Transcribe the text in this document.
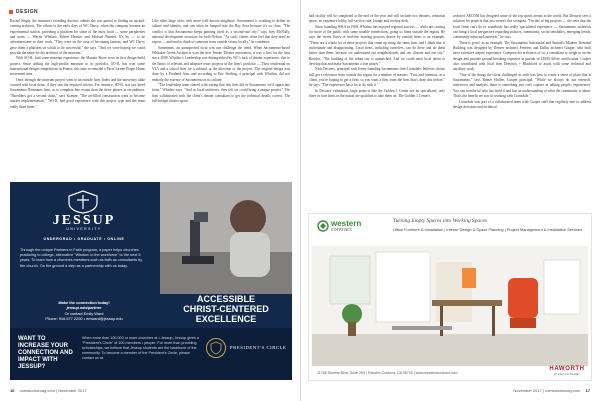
DESIGN

Rachel Single, the museum's founding director, admits she was partial to finding an up-and-coming architect. The efforts to the early days of WC Darcy, when the company became an experimental station, providing a platform for some of the most local — some peripheries and notes — Wayne Whitlaw, Robert Heaster and Michael Burnett. It's by — to be adventuresome in their work. "They were on the cusp of becoming famous, and WC Darcy gave them a platform on which to be successful," she says. "And we were hoping we could provide the same for the architect of the museum."

With SO-IL, had some museum experience, the Manetti Shore were its first design-build project. Since adding the high-profile museum to its portfolio, SO-IL has won some international design competitions in France, this time to remodel a Paris' former Piaget Home movement area.

Once through the museum project went to an outside firm. Index and the university alike crossed with local firms, if they saw the required criteria. For instance, SO-IL was just hired Sacramento Remnants firm, as to complete late rooms than the three phases in recombines. "Shredders got a second shout," says Kramer. "The art-filled construction went to become market implementation." "SO-IL had good experience with this project type and the team really liked them."

Like other large cities with more well-known neighbors, Sacramento is working to define its culture and identity, and can often be lumped into the Bay Area because it's so close. "The conflict is that Sacramento keeps painting itself as a second-rate city," says Joey McNally, national development associate for both Nelson. "As such, clients often feel that they need an expert — and tend to think of someone from outside versus locally," he continues.

Sometimes, an unsuspected local win can challenge the trend. When Sacramento-based Whitaker Green Architects won the new Senate Theatre renovation, it was a first for the firm since 2009. Whitlaw's Leadership was distinguished by WC's lack of theater experience, due to the limits of relevant and adaptive reuse projects in the firm's portfolio — Their residential on VL's and a school firm for a cultural, at the direction of the project. The original design was done by a Portland firm, and according to Eric Sterling, a principal with Whitlaw, did not embody the essence of Sacramento or its culture.

"The leadership team started with saying that this firm did in Sacramento we'd appreciate from," Whitlaw says. "And as local architects, they felt we could bring a unique project." The firm collaborated with the client's theater consultant to get the technical details correct. The full-bridget theater space

JESSUP
UNIVERSITY
UNDERGRAD • GRADUATE • ONLINE
Through the unique Partners in Faith program, a paper helps churches practicing to college, alternative "Wisdom in the workforce" to the next 5 years. To learn how a churches members such as faith as consultants by the church. On the ground a step as a partnership with us today.
Make the connection today!
jessup.edu/partner
Or contact Emily Ward
Phone: 916.577.2200 • emward@jessup.edu
ACCESSIBLE
CHRIST-CENTERED
EXCELLENCE
WANT TO INCREASE YOUR CONNECTION AND IMPACT WITH JESSUP?
When more than 100,000 or more churches at • Jessup, Jessup gives a "President's Circle" of 100 members • people. For more than providing scholarships, we believe that Jessup students are the backbone of the community. To become a member of the President's Circle, please contact us at.
PRESIDENT'S CIRCLE
16 comstocksmag.com | November 2017

had facility will be completed at the end of the year and will include two theaters, rehearsal space, an expansive lobby, full-service cafe, lounge and rooftop deck.

Since founding WKA in 1968, Whitlaw has enjoyed regional success — while not craving for more of the public with some notable connections, going so firms outside the region. He says the recent flurry of mid-rise housing projects drawn by outside firms is an example. "There are a whole lot of these projects that came up using the same firm, and I think that is unfortunate and disappointing. Local firms, including ourselves, can do these and do them better than them, because we understand our neighborhoods and our climate and our city." Besides, "The building of the urban city is unmatched. And we could most local talent to develop that and make Sacramento a true player."

Nick Decuers, principal with Jenny-founding Sacramento firm Lionsdale, believes clients still get a relevance from outside the region for a number of reasons. "First and foremost, as a client, you're hoping to get a firm, so you want a firm from the firm that's done this before," he says. "The experience has a lot to do with it."

In Decuers' estimation, large projects like the Golden 1 Center are an specialized, only three or four firms in the nation are qualified to take them on. The Golden 1 Center's

architect AECOM has designed some of the top sports arenas in the world. But Decuers sees a solution for projects that just weren't this stringent. "On this of big projects — the ones that the local firms can't do or somebody has really specialized experience — Sacramento architects can bring a local perspective regarding policies, community, social sensibility, emerging trends, community input and outreach," he says.

There is proof, as an example. The Sacramento Intermodal and Amtrak's Modern Terminal Building was designed by Denver architect Fentress and Dallas architect Gasper, who both have extensive airport experience. Compare the architects of sic a consultant to weigh in on the design and provide ground-breaking expertise in pursuit of LEED Silver certification. Cooper also contributed with local firm Dreyfuss + Blackford to assist with some technical and ancillary work.

"One of the things the client challenged us with was how to create a sense of place that is Sacramento," says Reiner Hoffee, Cooper principal. "While we always do our research, interviews and analysis, there is something you can't capture in talking people: experiences. You can wonderful who has lived it and has an understanding of what the community is about. That's the benefit we saw in working with Lionsdale."

Lionsdale was part of a collaborated team with Cooper staff that regularly met to address design decisions and technical

November 2017 | comstocksmag.com 17
western
contract
Turning Empty Spaces into Working Spaces
Office Furniture & Installation | Interior Design & Space Planning | Project Management & Installation Services
11765 Sunrise Blvd, Suite 200 | Rancho Cordova, CA 95742 | www.westerncontract.com
HAWORTH
Preferred Dealer
